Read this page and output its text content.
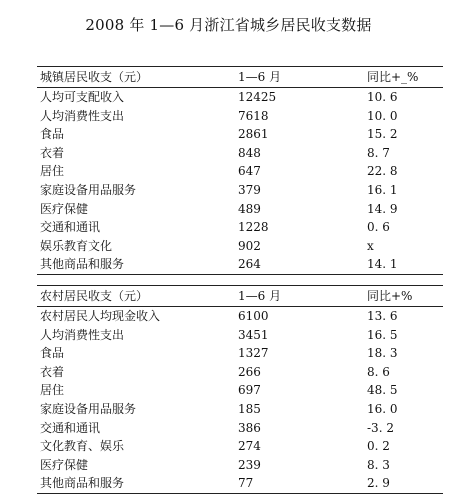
2008 年 1—6 月浙江省城乡居民收支数据
城镇居民收支（元）	1—6 月	同比+_%
人均可支配收入	12425	10. 6
人均消费性支出	7618	10. 0
食品	2861	15. 2
衣着	848	8. 7
居住	647	22. 8
家庭设备用品服务	379	16. 1
医疗保健	489	14. 9
交通和通讯	1228	0. 6
娱乐教育文化	902	x
其他商品和服务	264	14. 1
农村居民收支（元）	1—6 月	同比+%
农村居民人均现金收入	6100	13. 6
人均消费性支出	3451	16. 5
食品	1327	18. 3
衣着	266	8. 6
居住	697	48. 5
家庭设备用品服务	185	16. 0
交通和通讯	386	-3. 2
文化教育、娱乐	274	0. 2
医疗保健	239	8. 3
其他商品和服务	77	2. 9
